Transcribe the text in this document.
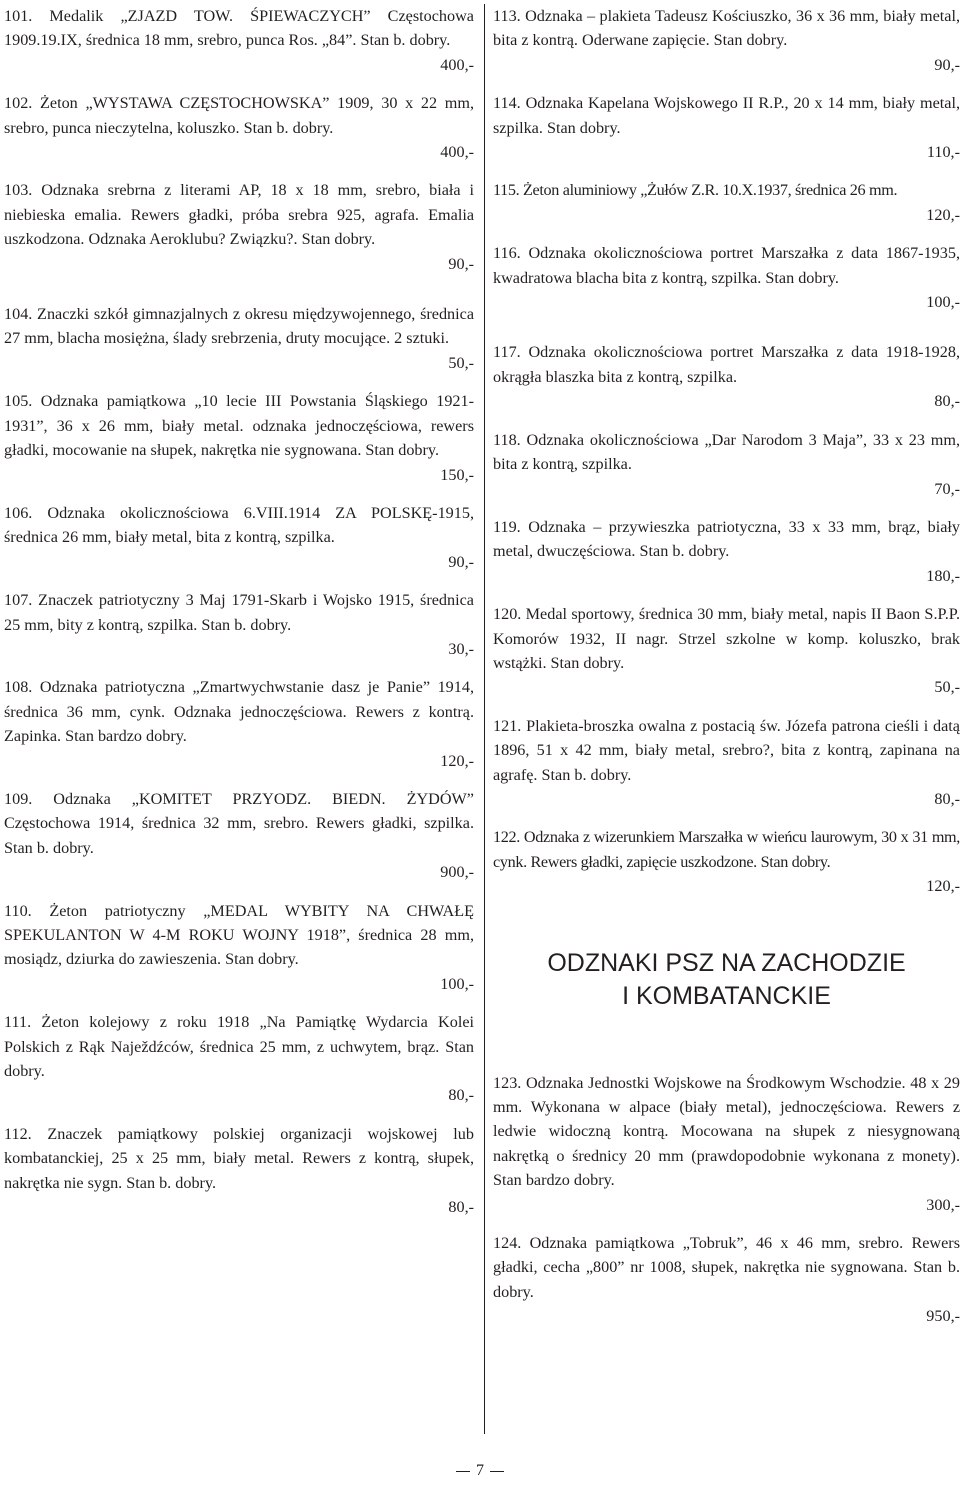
101. Medalik „ZJAZD TOW. ŚPIEWACZYCH” Częstochowa 1909.19.IX, średnica 18 mm, srebro, punca Ros. „84”. Stan b. dobry.
400,-
102. Żeton „WYSTAWA CZĘSTOCHOWSKA” 1909, 30 x 22 mm, srebro, punca nieczytelna, koluszko. Stan b. dobry.
400,-
103. Odznaka srebrna z literami AP, 18 x 18 mm, srebro, biała i niebieska emalia. Rewers gładki, próba srebra 925, agrafa. Emalia uszkodzona. Odznaka Aeroklubu? Związku?. Stan dobry.
90,-
104. Znaczki szkół gimnazjalnych z okresu międzywojennego, średnica 27 mm, blacha mosiężna, ślady srebrzenia, druty mocujące. 2 sztuki.
50,-
105. Odznaka pamiątkowa „10 lecie III Powstania Śląskiego 1921-1931”, 36 x 26 mm, biały metal. odznaka jednoczęściowa, rewers gładki, mocowanie na słupek, nakrętka nie sygnowana. Stan dobry.
150,-
106. Odznaka okolicznościowa 6.VIII.1914 ZA POLSKĘ-1915, średnica 26 mm, biały metal, bita z kontrą, szpilka.
90,-
107. Znaczek patriotyczny 3 Maj 1791-Skarb i Wojsko 1915, średnica 25 mm, bity z kontrą, szpilka. Stan b. dobry.
30,-
108. Odznaka patriotyczna „Zmartwychwstanie dasz je Panie” 1914, średnica 36 mm, cynk. Odznaka jednoczęściowa. Rewers z kontrą. Zapinka. Stan bardzo dobry.
120,-
109. Odznaka „KOMITET PRZYODZ. BIEDN. ŻYDÓW” Częstochowa 1914, średnica 32 mm, srebro. Rewers gładki, szpilka. Stan b. dobry.
900,-
110. Żeton patriotyczny „MEDAL WYBITY NA CHWAŁĘ SPEKULANTON W 4-M ROKU WOJNY 1918”, średnica 28 mm, mosiądz, dziurka do zawieszenia. Stan dobry.
100,-
111. Żeton kolejowy z roku 1918 „Na Pamiątkę Wydarcia Kolei Polskich z Rąk Naježdźców, średnica 25 mm, z uchwytem, brąz. Stan dobry.
80,-
112. Znaczek pamiątkowy polskiej organizacji wojskowej lub kombatanckiej, 25 x 25 mm, biały metal. Rewers z kontrą, słupek, nakrętka nie sygn. Stan b. dobry.
80,-
113. Odznaka – plakieta Tadeusz Kościuszko, 36 x 36 mm, biały metal, bita z kontrą. Oderwane zapięcie. Stan dobry.
90,-
114. Odznaka Kapelana Wojskowego II R.P., 20 x 14 mm, biały metal, szpilka. Stan dobry.
110,-
115. Żeton aluminiowy „Żułów Z.R. 10.X.1937, średnica 26 mm.
120,-
116. Odznaka okolicznościowa portret Marszałka z data 1867-1935, kwadratowa blacha bita z kontrą, szpilka. Stan dobry.
100,-
117. Odznaka okolicznościowa portret Marszałka z data 1918-1928, okrągła blaszka bita z kontrą, szpilka.
80,-
118. Odznaka okolicznościowa „Dar Narodom 3 Maja”, 33 x 23 mm, bita z kontrą, szpilka.
70,-
119. Odznaka – przywieszka patriotyczna, 33 x 33 mm, brąz, biały metal, dwuczęściowa. Stan b. dobry.
180,-
120. Medal sportowy, średnica 30 mm, biały metal, napis II Baon S.P.P. Komorów 1932, II nagr. Strzel szkolne w komp. koluszko, brak wstążki. Stan dobry.
50,-
121. Plakieta-broszka owalna z postacią św. Józefa patrona cieśli i datą 1896, 51 x 42 mm, biały metal, srebro?, bita z kontrą, zapinana na agrafę. Stan b. dobry.
80,-
122. Odznaka z wizerunkiem Marszałka w wieńcu laurowym, 30 x 31 mm, cynk. Rewers gładki, zapięcie uszkodzone. Stan dobry.
120,-
ODZNAKI PSZ NA ZACHODZIE
I KOMBATANCKIE
123. Odznaka Jednostki Wojskowe na Środkowym Wschodzie. 48 x 29 mm. Wykonana w alpace (biały metal), jednoczęściowa. Rewers z ledwie widoczną kontrą. Mocowana na słupek z niesygnowaną nakrętką o średnicy 20 mm (prawdopodobnie wykonana z monety). Stan bardzo dobry.
300,-
124. Odznaka pamiątkowa „Tobruk”, 46 x 46 mm, srebro. Rewers gładki, cecha „800” nr 1008, słupek, nakrętka nie sygnowana. Stan b. dobry.
950,-
7
